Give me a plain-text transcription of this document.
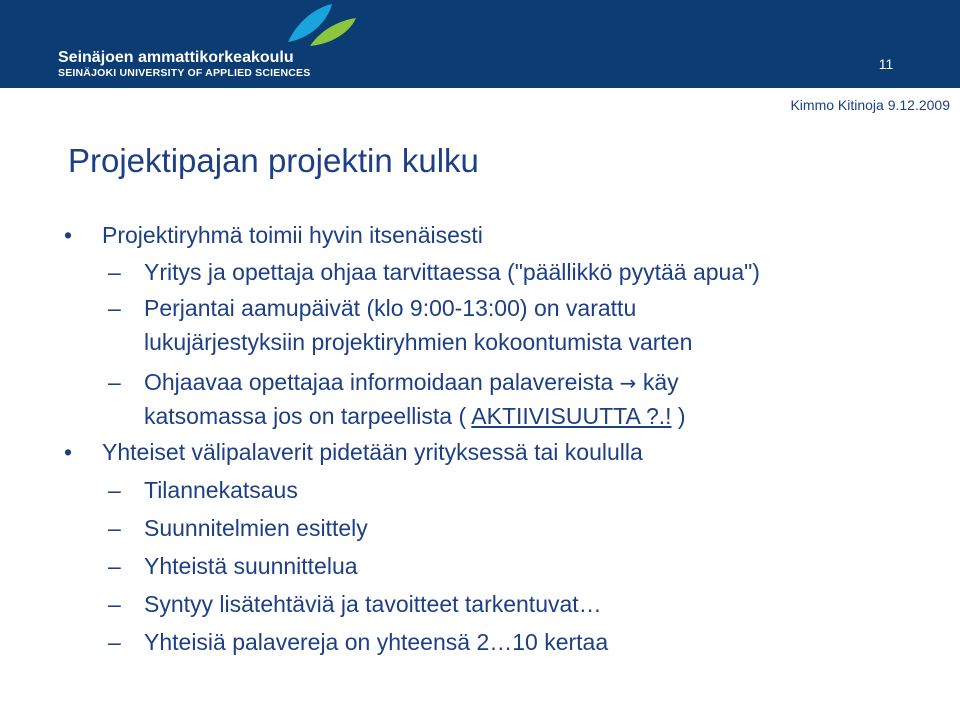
Seinäjoen ammattikorkeakoulu
SEINÄJOKI UNIVERSITY OF APPLIED SCIENCES
11
Kimmo Kitinoja 9.12.2009
Projektipajan projektin kulku
• Projektiryhmä toimii hyvin itsenäisesti
– Yritys ja opettaja ohjaa tarvittaessa ("päällikkö pyytää apua")
– Perjantai aamupäivät (klo 9:00-13:00) on varattu
lukujärjestyksiin projektiryhmien kokoontumista varten
– Ohjaavaa opettajaa informoidaan palavereista → käy
katsomassa jos on tarpeellista ( AKTIIVISUUTTA ?.! )
• Yhteiset välipalaverit pidetään yrityksessä tai koululla
– Tilannekatsaus
– Suunnitelmien esittely
– Yhteistä suunnittelua
– Syntyy lisätehtäviä ja tavoitteet tarkentuvat…
– Yhteisiä palavereja on yhteensä 2…10 kertaa
